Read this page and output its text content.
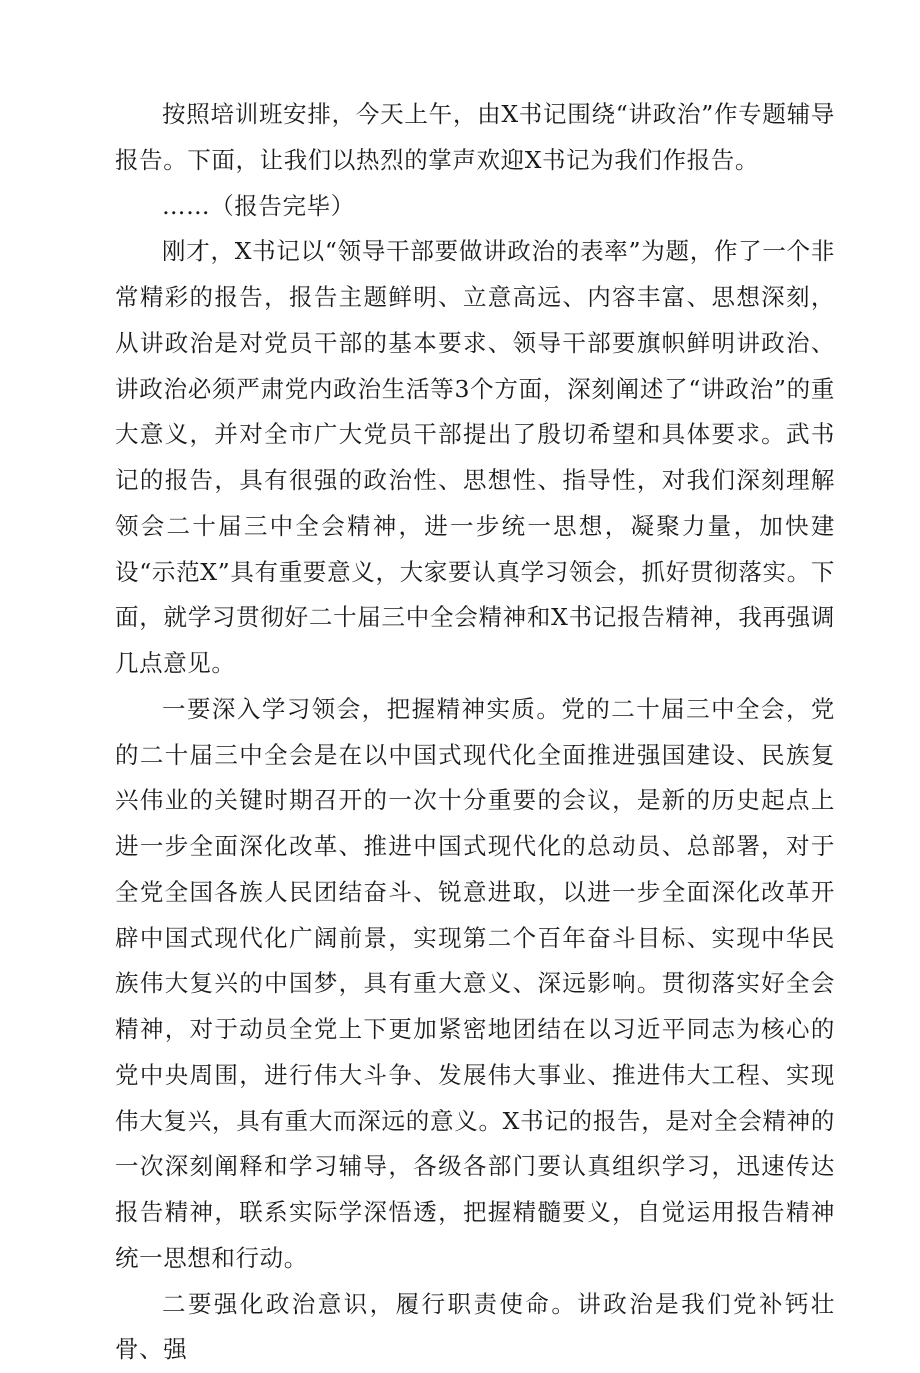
按照培训班安排，今天上午，由X书记围绕“讲政治”作专题辅导报告。下面，让我们以热烈的掌声欢迎X书记为我们作报告。

……（报告完毕）

刚才，X书记以“领导干部要做讲政治的表率”为题，作了一个非常精彩的报告，报告主题鲜明、立意高远、内容丰富、思想深刻，从讲政治是对党员干部的基本要求、领导干部要旗帜鲜明讲政治、讲政治必须严肃党内政治生活等3个方面，深刻阐述了“讲政治”的重大意义，并对全市广大党员干部提出了殷切希望和具体要求。武书记的报告，具有很强的政治性、思想性、指导性，对我们深刻理解领会二十届三中全会精神，进一步统一思想，凝聚力量，加快建设“示范X”具有重要意义，大家要认真学习领会，抓好贯彻落实。下面，就学习贯彻好二十届三中全会精神和X书记报告精神，我再强调几点意见。

一要深入学习领会，把握精神实质。党的二十届三中全会，党的二十届三中全会是在以中国式现代化全面推进强国建设、民族复兴伟业的关键时期召开的一次十分重要的会议，是新的历史起点上进一步全面深化改革、推进中国式现代化的总动员、总部署，对于全党全国各族人民团结奋斗、锐意进取，以进一步全面深化改革开辟中国式现代化广阔前景，实现第二个百年奋斗目标、实现中华民族伟大复兴的中国梦，具有重大意义、深远影响。贯彻落实好全会精神，对于动员全党上下更加紧密地团结在以习近平同志为核心的党中央周围，进行伟大斗争、发展伟大事业、推进伟大工程、实现伟大复兴，具有重大而深远的意义。X书记的报告，是对全会精神的一次深刻阐释和学习辅导，各级各部门要认真组织学习，迅速传达报告精神，联系实际学深悟透，把握精髓要义，自觉运用报告精神统一思想和行动。

二要强化政治意识，履行职责使命。讲政治是我们党补钙壮骨、强
